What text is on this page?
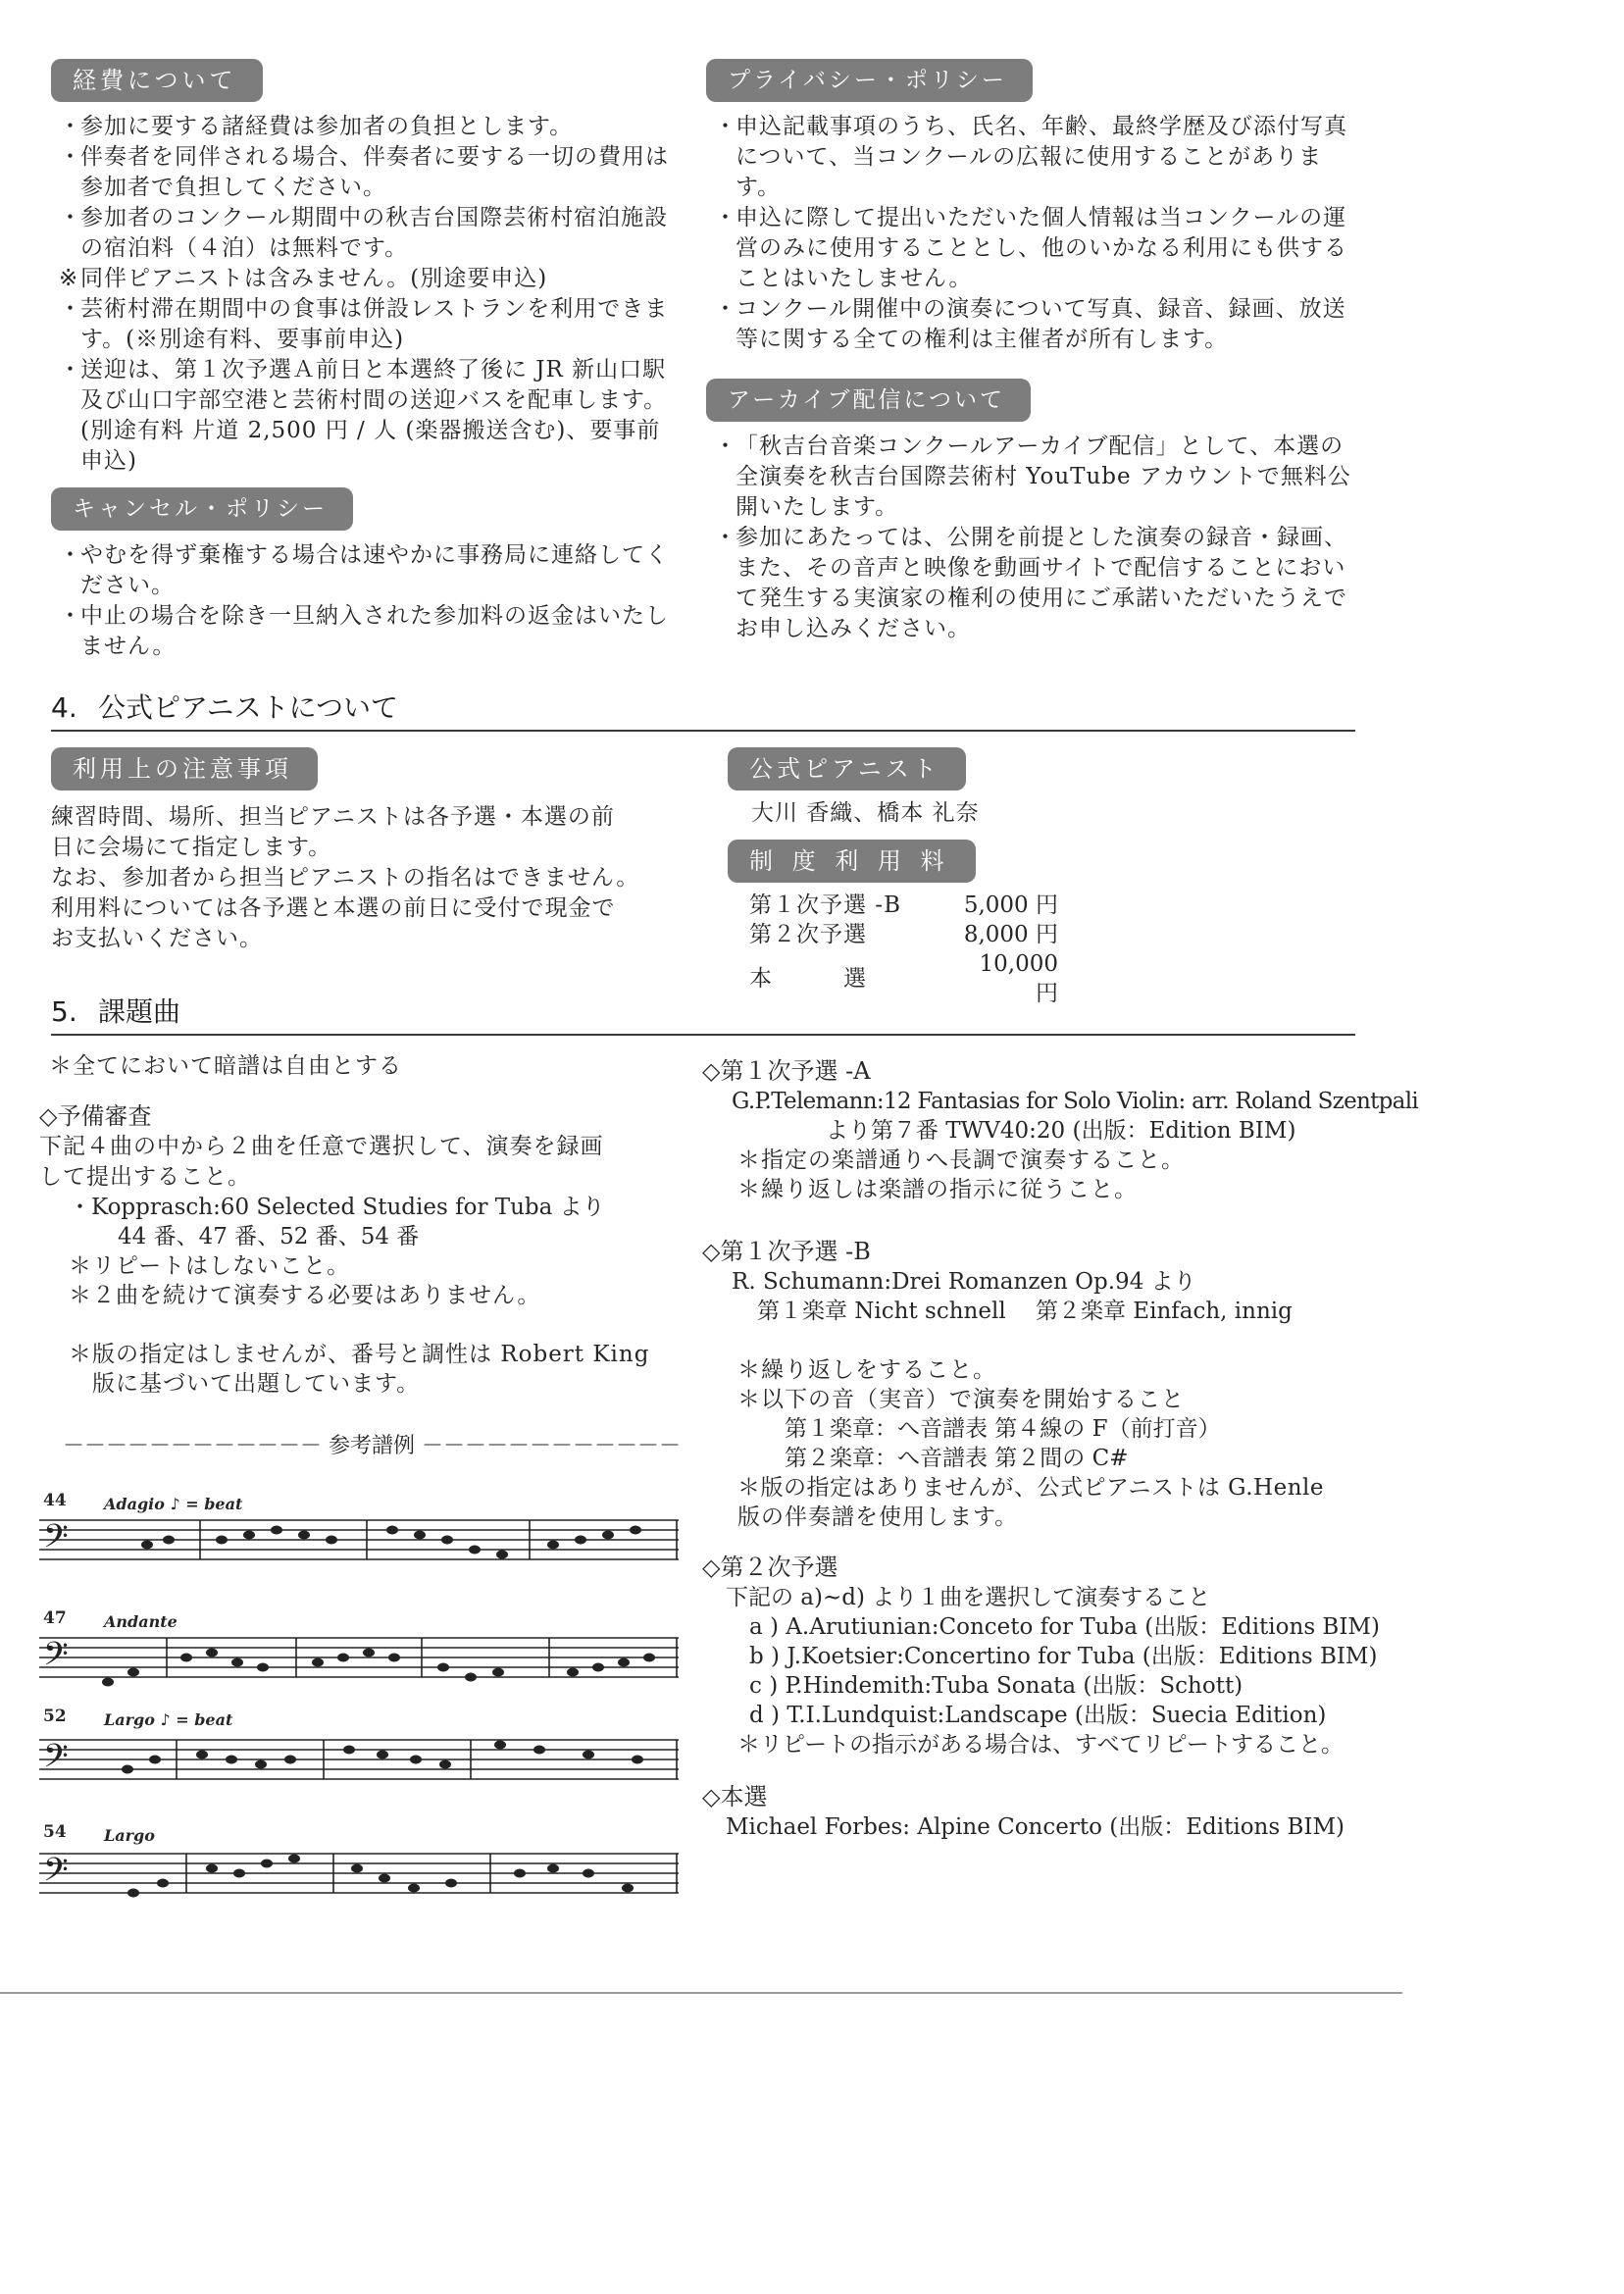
経費について
・参加に要する諸経費は参加者の負担とします。
・伴奏者を同伴される場合、伴奏者に要する一切の費用は参加者で負担してください。
・参加者のコンクール期間中の秋吉台国際芸術村宿泊施設の宿泊料（４泊）は無料です。
※同伴ピアニストは含みません。(別途要申込)
・芸術村滞在期間中の食事は併設レストランを利用できます。(※別途有料、要事前申込)
・送迎は、第１次予選Ａ前日と本選終了後に JR 新山口駅及び山口宇部空港と芸術村間の送迎バスを配車します。(別途有料 片道 2,500 円 / 人 (楽器搬送含む)、要事前申込)
キャンセル・ポリシー
・やむを得ず棄権する場合は速やかに事務局に連絡してください。
・中止の場合を除き一旦納入された参加料の返金はいたしません。
プライバシー・ポリシー
・申込記載事項のうち、氏名、年齢、最終学歴及び添付写真について、当コンクールの広報に使用することがあります。
・申込に際して提出いただいた個人情報は当コンクールの運営のみに使用することとし、他のいかなる利用にも供することはいたしません。
・コンクール開催中の演奏について写真、録音、録画、放送等に関する全ての権利は主催者が所有します。
アーカイブ配信について
・「秋吉台音楽コンクールアーカイブ配信」として、本選の全演奏を秋吉台国際芸術村 YouTube アカウントで無料公開いたします。
・参加にあたっては、公開を前提とした演奏の録音・録画、また、その音声と映像を動画サイトで配信することにおいて発生する実演家の権利の使用にご承諾いただいたうえでお申し込みください。
4. 公式ピアニストについて
利用上の注意事項
練習時間、場所、担当ピアニストは各予選・本選の前
日に会場にて指定します。
なお、参加者から担当ピアニストの指名はできません。
利用料については各予選と本選の前日に受付で現金で
お支払いください。
公式ピアニスト
大川 香織、橋本 礼奈
制 度 利 用 料
第１次予選 -B	5,000 円
第２次予選	8,000 円
本　　　選	10,000 円
5. 課題曲
＊全てにおいて暗譜は自由とする
◇予備審査
下記４曲の中から２曲を任意で選択して、演奏を録画
して提出すること。
・Kopprasch:60 Selected Studies for Tuba より
44 番、47 番、52 番、54 番
＊リピートはしないこと。
＊２曲を続けて演奏する必要はありません。
＊版の指定はしませんが、番号と調性は Robert King
版に基づいて出題しています。
－－－－－－－－－－－－ 参考譜例 －－－－－－－－－－－－
44 Adagio ♪ = beat
𝄢
47 Andante
𝄢
52 Largo ♪ = beat
𝄢
54 Largo
𝄢
◇第１次予選 -A
G.P.Telemann:12 Fantasias for Solo Violin: arr. Roland Szentpali
より第７番 TWV40:20 (出版：Edition BIM)
＊指定の楽譜通りへ長調で演奏すること。
＊繰り返しは楽譜の指示に従うこと。
◇第１次予選 -B
R. Schumann:Drei Romanzen Op.94 より
第１楽章 Nicht schnell　 第２楽章 Einfach, innig
＊繰り返しをすること。
＊以下の音（実音）で演奏を開始すること
第１楽章：へ音譜表 第４線の F（前打音）
第２楽章：へ音譜表 第２間の C#
＊版の指定はありませんが、公式ピアニストは G.Henle
版の伴奏譜を使用します。
◇第２次予選
下記の a)~d) より１曲を選択して演奏すること
a ) A.Arutiunian:Conceto for Tuba (出版：Editions BIM)
b ) J.Koetsier:Concertino for Tuba (出版：Editions BIM)
c ) P.Hindemith:Tuba Sonata (出版：Schott)
d ) T.I.Lundquist:Landscape (出版：Suecia Edition)
＊リピートの指示がある場合は、すべてリピートすること。
◇本選
Michael Forbes: Alpine Concerto (出版：Editions BIM)
